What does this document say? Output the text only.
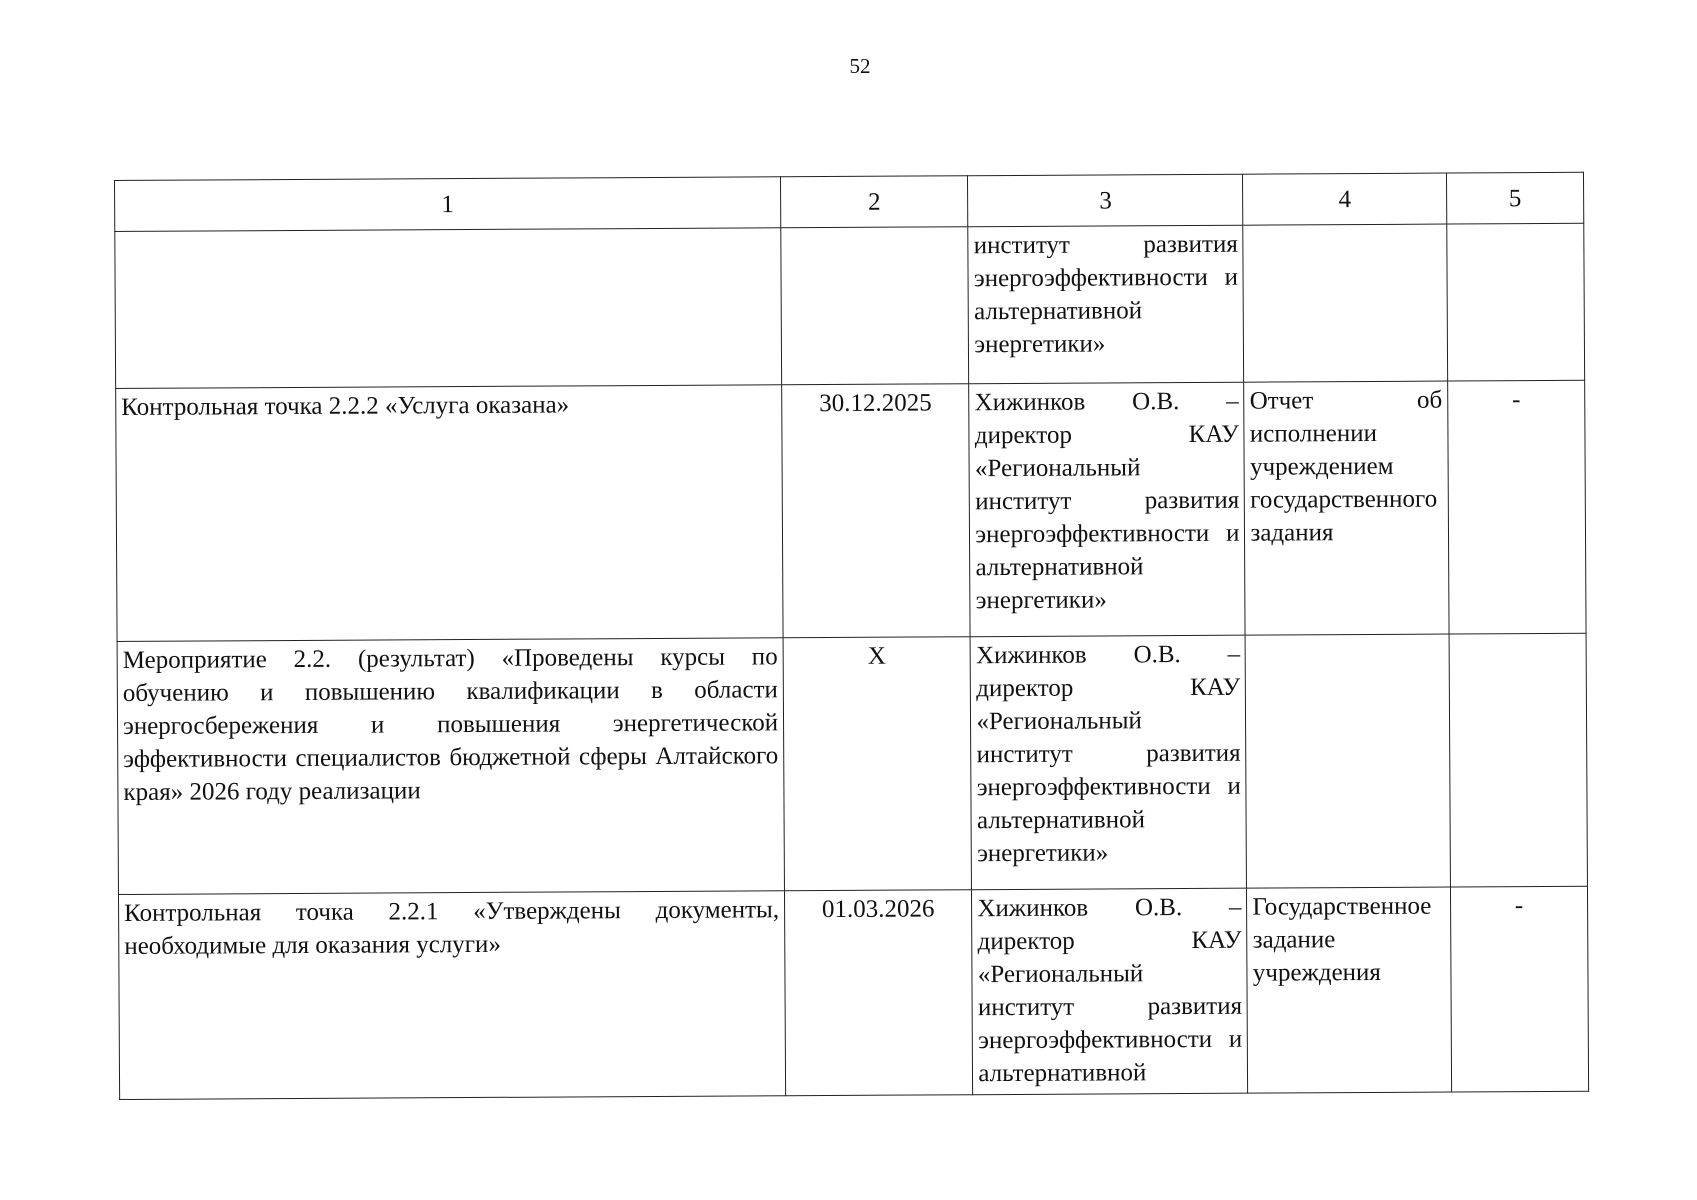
52
1	2	3	4	5
		институт развития энергоэффективности и альтернативной энергетики»		
Контрольная точка 2.2.2 «Услуга оказана»	30.12.2025	Хижинков О.В. – директор КАУ «Региональный институт развития энергоэффективности и альтернативной энергетики»	Отчет об исполнении учреждением государственного задания	-
Мероприятие 2.2. (результат) «Проведены курсы по обучению и повышению квалификации в области энергосбережения и повышения энергетической эффективности специалистов бюджетной сферы Алтайского края» 2026 году реализации	X	Хижинков О.В. – директор КАУ «Региональный институт развития энергоэффективности и альтернативной энергетики»		
Контрольная точка 2.2.1 «Утверждены документы, необходимые для оказания услуги»	01.03.2026	Хижинков О.В. – директор КАУ «Региональный институт развития энергоэффективности и альтернативной	Государственное задание учреждения	-
